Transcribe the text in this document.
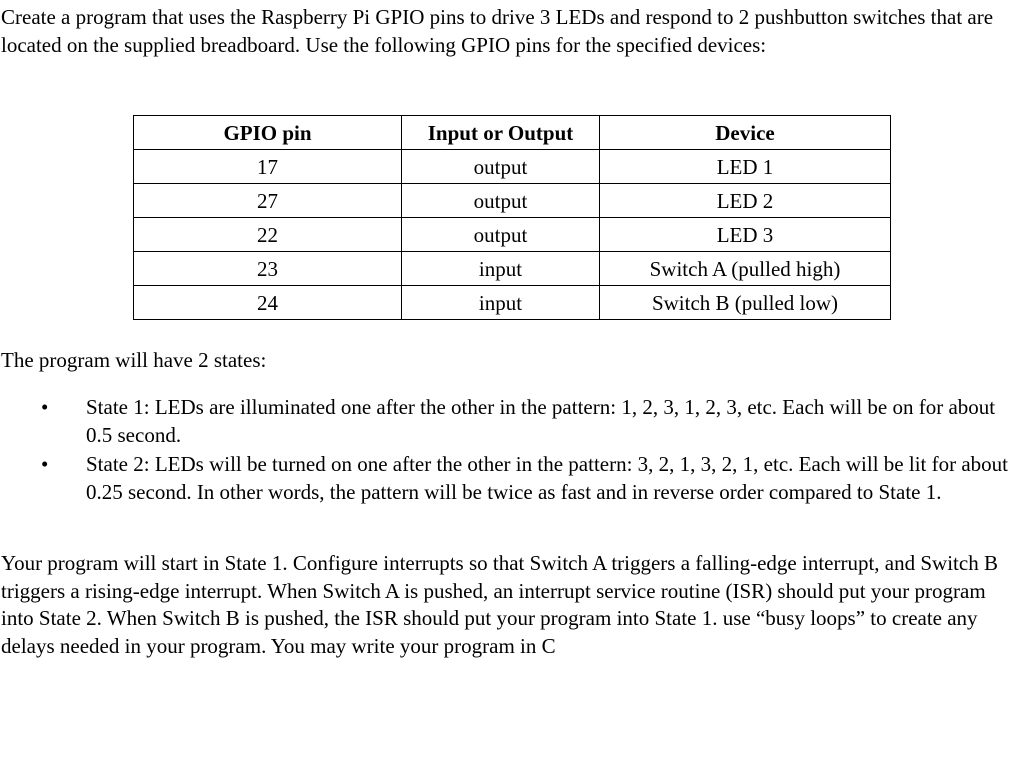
Create a program that uses the Raspberry Pi GPIO pins to drive 3 LEDs and respond to 2 pushbutton switches that are located on the supplied breadboard. Use the following GPIO pins for the specified devices:

GPIO pin	Input or Output	Device
17	output	LED 1
27	output	LED 2
22	output	LED 3
23	input	Switch A (pulled high)
24	input	Switch B (pulled low)

The program will have 2 states:

• State 1: LEDs are illuminated one after the other in the pattern: 1, 2, 3, 1, 2, 3, etc. Each will be on for about 0.5 second.
• State 2: LEDs will be turned on one after the other in the pattern: 3, 2, 1, 3, 2, 1, etc. Each will be lit for about 0.25 second. In other words, the pattern will be twice as fast and in reverse order compared to State 1.

Your program will start in State 1. Configure interrupts so that Switch A triggers a falling-edge interrupt, and Switch B triggers a rising-edge interrupt. When Switch A is pushed, an interrupt service routine (ISR) should put your program into State 2. When Switch B is pushed, the ISR should put your program into State 1. use “busy loops” to create any delays needed in your program. You may write your program in C
